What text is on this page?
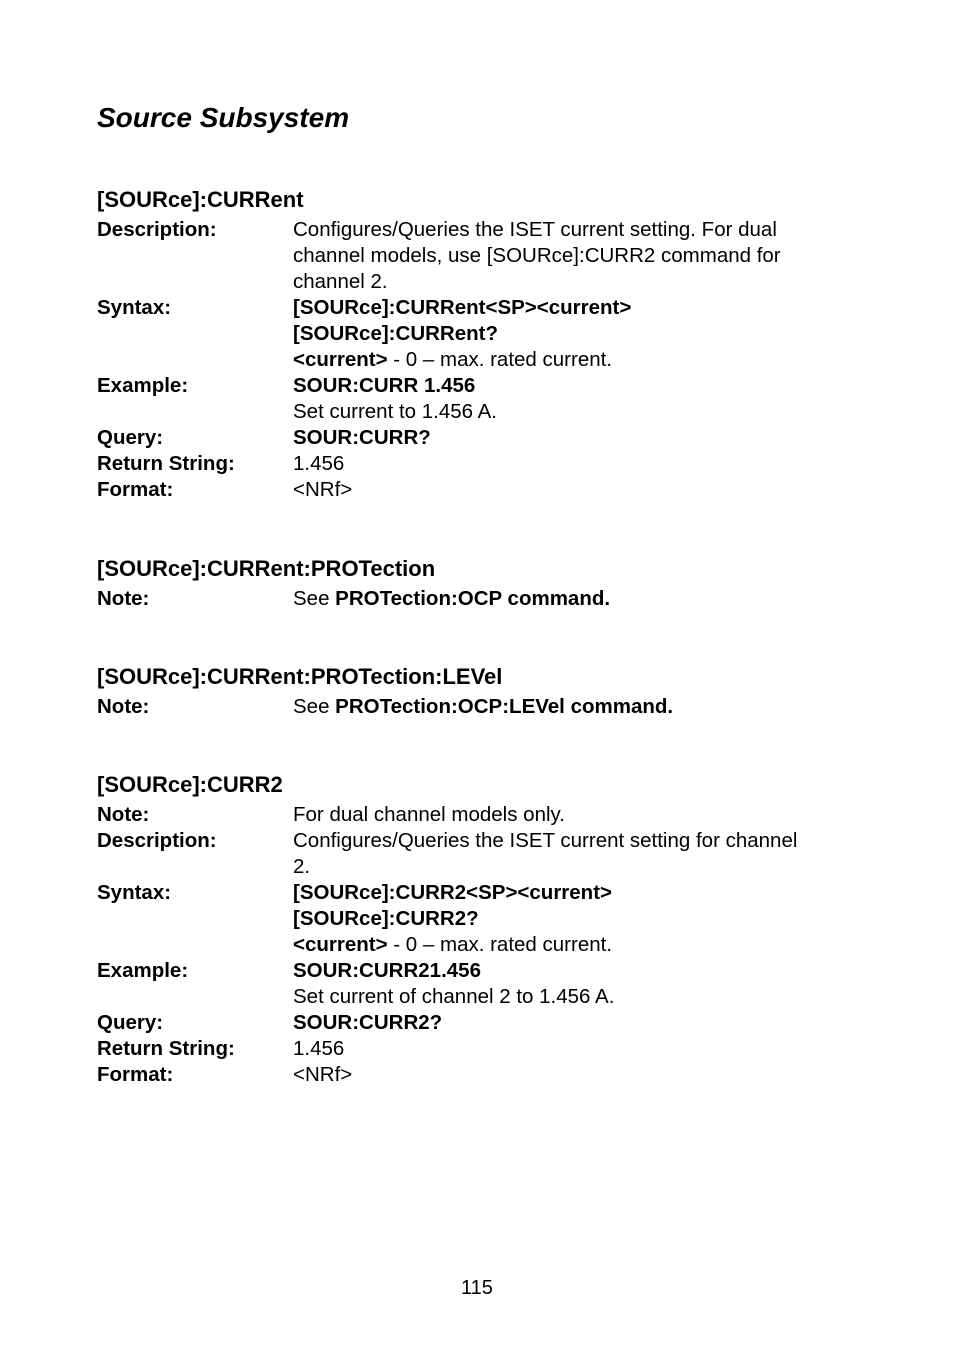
Source Subsystem
[SOURce]:CURRent
Description:	Configures/Queries the ISET current setting. For dual
channel models, use [SOURce]:CURR2 command for
channel 2.
Syntax:	[SOURce]:CURRent<SP><current>
[SOURce]:CURRent?
<current> - 0 – max. rated current.
Example:	SOUR:CURR 1.456
Set current to 1.456 A.
Query:	SOUR:CURR?
Return String:	1.456
Format:	<NRf>
[SOURce]:CURRent:PROTection
Note:	See PROTection:OCP command.
[SOURce]:CURRent:PROTection:LEVel
Note:	See PROTection:OCP:LEVel command.
[SOURce]:CURR2
Note:	For dual channel models only.
Description:	Configures/Queries the ISET current setting for channel
2.
Syntax:	[SOURce]:CURR2<SP><current>
[SOURce]:CURR2?
<current> - 0 – max. rated current.
Example:	SOUR:CURR21.456
Set current of channel 2 to 1.456 A.
Query:	SOUR:CURR2?
Return String:	1.456
Format:	<NRf>
115
